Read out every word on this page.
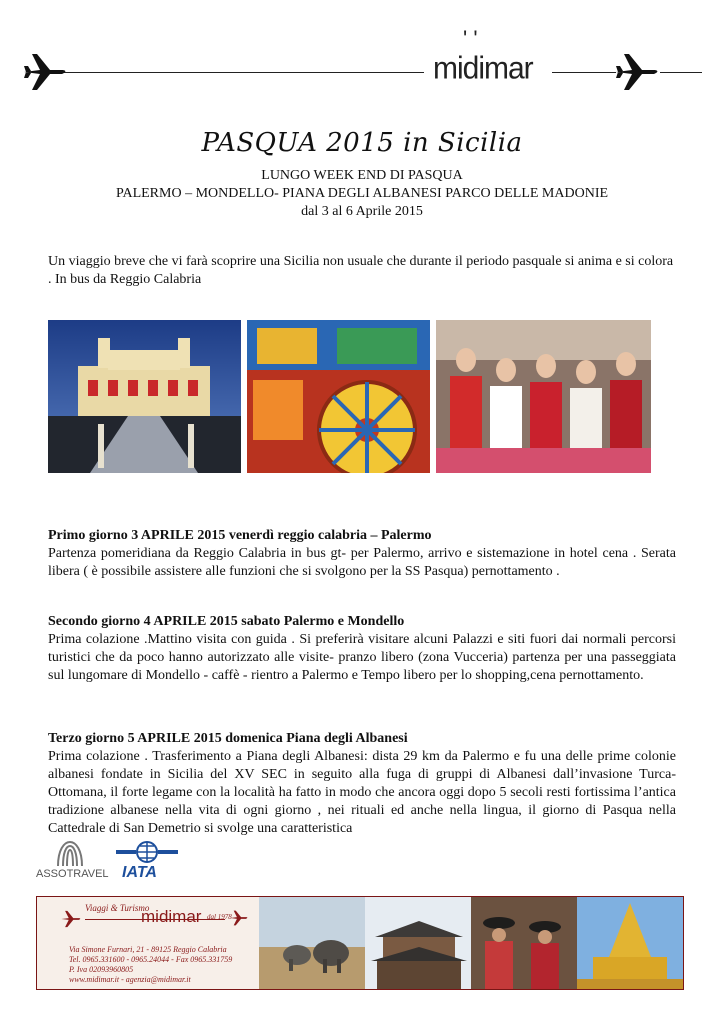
' '
midimar
PASQUA 2015 in Sicilia
LUNGO WEEK END DI PASQUA
PALERMO – MONDELLO- PIANA DEGLI ALBANESI PARCO DELLE MADONIE
dal 3 al 6 Aprile 2015
Un viaggio breve che vi farà scoprire una Sicilia non usuale che durante il periodo pasquale si anima e si colora . In bus da Reggio Calabria
Primo giorno 3 APRILE 2015 venerdì reggio calabria – Palermo
Partenza pomeridiana da Reggio Calabria in bus gt- per Palermo, arrivo e sistemazione in hotel cena . Serata libera ( è possibile assistere alle funzioni che si svolgono per la SS Pasqua) pernottamento .
Secondo giorno 4 APRILE 2015 sabato Palermo e Mondello
Prima colazione .Mattino visita con guida . Si preferirà visitare alcuni Palazzi e siti fuori dai normali percorsi turistici che da poco hanno autorizzato alle visite- pranzo libero (zona Vucceria) partenza per una passeggiata sul lungomare di Mondello - caffè - rientro a Palermo e Tempo libero per lo shopping,cena pernottamento.
Terzo giorno 5 APRILE 2015 domenica Piana degli Albanesi
Prima colazione . Trasferimento a Piana degli Albanesi: dista 29 km da Palermo e fu una delle prime colonie albanesi fondate in Sicilia del XV SEC in seguito alla fuga di gruppi di Albanesi dall’invasione Turca-Ottomana, il forte legame con la località ha fatto in modo che ancora oggi dopo 5 secoli resti fortissima l’antica tradizione albanese nella vita di ogni giorno , nei rituali ed anche nella lingua, il giorno di Pasqua nella Cattedrale di San Demetrio si svolge una caratteristica
ASSOTRAVEL IATA
Viaggi & Turismo
midimar dal 1978
Via Simone Furnari, 21 - 89125 Reggio Calabria
Tel. 0965.331600 - 0965.24044 - Fax 0965.331759
P. Iva 02093960805
www.midimar.it - agenzia@midimar.it
